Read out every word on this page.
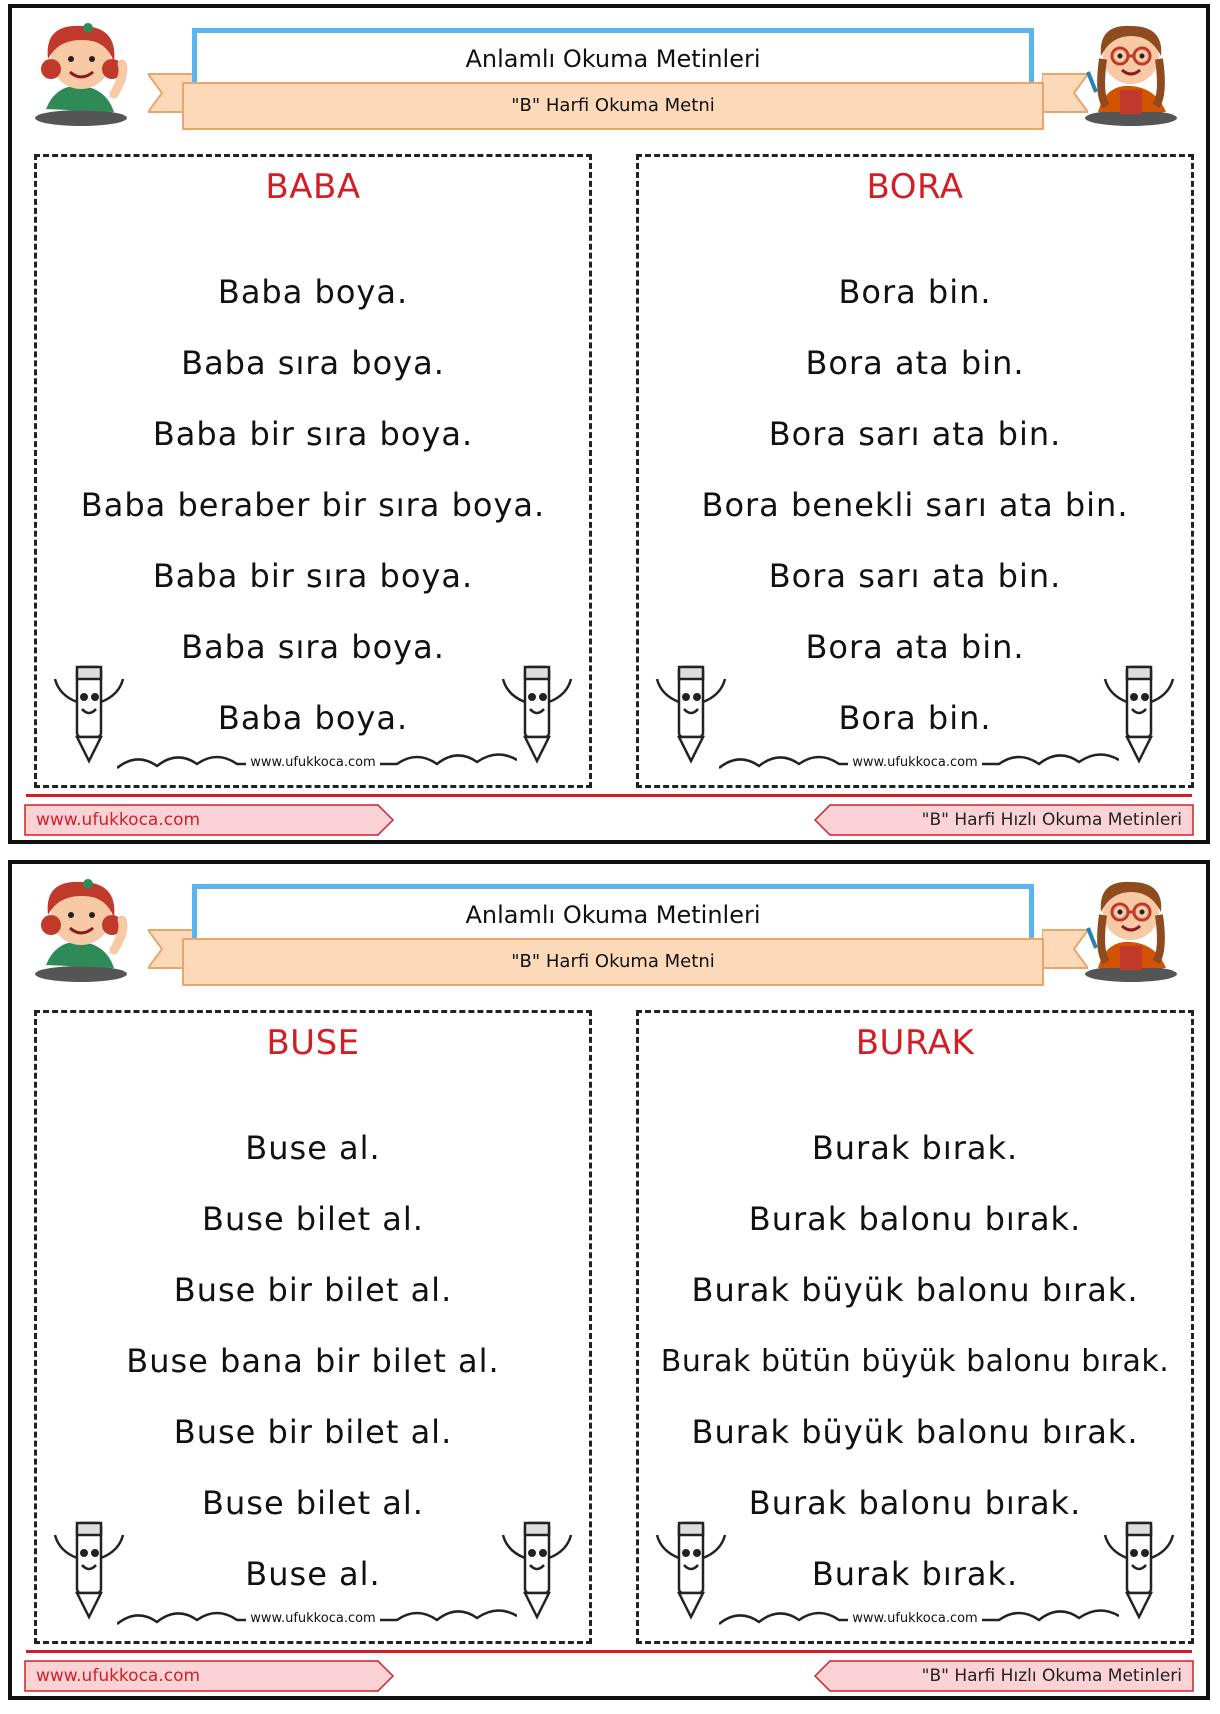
Anlamlı Okuma Metinleri
"B" Harfi Okuma Metni
BABA
Baba boya.
Baba sıra boya.
Baba bir sıra boya.
Baba beraber bir sıra boya.
Baba bir sıra boya.
Baba sıra boya.
Baba boya.
www.ufukkoca.com
BORA
Bora bin.
Bora ata bin.
Bora sarı ata bin.
Bora benekli sarı ata bin.
Bora sarı ata bin.
Bora ata bin.
Bora bin.
www.ufukkoca.com
www.ufukkoca.com	"B" Harfi Hızlı Okuma Metinleri
Anlamlı Okuma Metinleri
"B" Harfi Okuma Metni
BUSE
Buse al.
Buse bilet al.
Buse bir bilet al.
Buse bana bir bilet al.
Buse bir bilet al.
Buse bilet al.
Buse al.
www.ufukkoca.com
BURAK
Burak bırak.
Burak balonu bırak.
Burak büyük balonu bırak.
Burak bütün büyük balonu bırak.
Burak büyük balonu bırak.
Burak balonu bırak.
Burak bırak.
www.ufukkoca.com
www.ufukkoca.com	"B" Harfi Hızlı Okuma Metinleri
